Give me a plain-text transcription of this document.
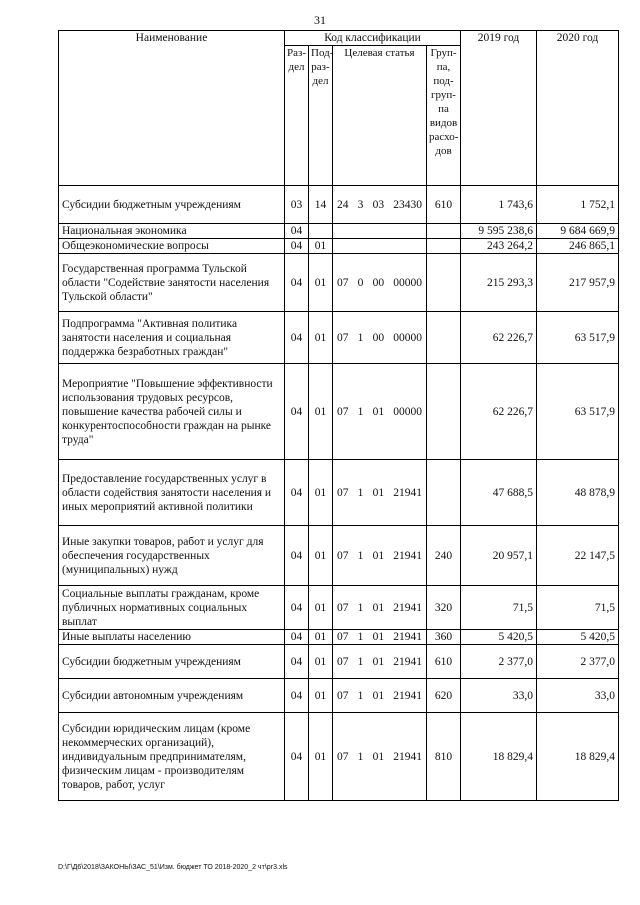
31
Наименование	Код классификации				2019 год	2020 год
	Раз- дел	Под- раз- дел	Целевая статья	Груп- па, под- груп- па видов расхо- дов		
Субсидии бюджетным учреждениям	03	14	24 3 03 23430	610	1 743,6	1 752,1
Национальная экономика	04				9 595 238,6	9 684 669,9
Общеэкономические вопросы	04	01			243 264,2	246 865,1
Государственная программа Тульской области "Содействие занятости населения Тульской области"	04	01	07 0 00 00000		215 293,3	217 957,9
Подпрограмма "Активная политика занятости населения и социальная поддержка безработных граждан"	04	01	07 1 00 00000		62 226,7	63 517,9
Мероприятие "Повышение эффективности использования трудовых ресурсов, повышение качества рабочей силы и конкурентоспособности граждан на рынке труда"	04	01	07 1 01 00000		62 226,7	63 517,9
Предоставление государственных услуг в области содействия занятости населения и иных мероприятий активной политики	04	01	07 1 01 21941		47 688,5	48 878,9
Иные закупки товаров, работ и услуг для обеспечения государственных (муниципальных) нужд	04	01	07 1 01 21941	240	20 957,1	22 147,5
Социальные выплаты гражданам, кроме публичных нормативных социальных выплат	04	01	07 1 01 21941	320	71,5	71,5
Иные выплаты населению	04	01	07 1 01 21941	360	5 420,5	5 420,5
Субсидии бюджетным учреждениям	04	01	07 1 01 21941	610	2 377,0	2 377,0
Субсидии автономным учреждениям	04	01	07 1 01 21941	620	33,0	33,0
Субсидии юридическим лицам (кроме некоммерческих организаций), индивидуальным предпринимателям, физическим лицам - производителям товаров, работ, услуг	04	01	07 1 01 21941	810	18 829,4	18 829,4
D:\Г\Д6\2018\ЗАКОНЫ\ЗАС_51\Изм. бюджет ТО 2018-2020_2 чт\рг3.xls
